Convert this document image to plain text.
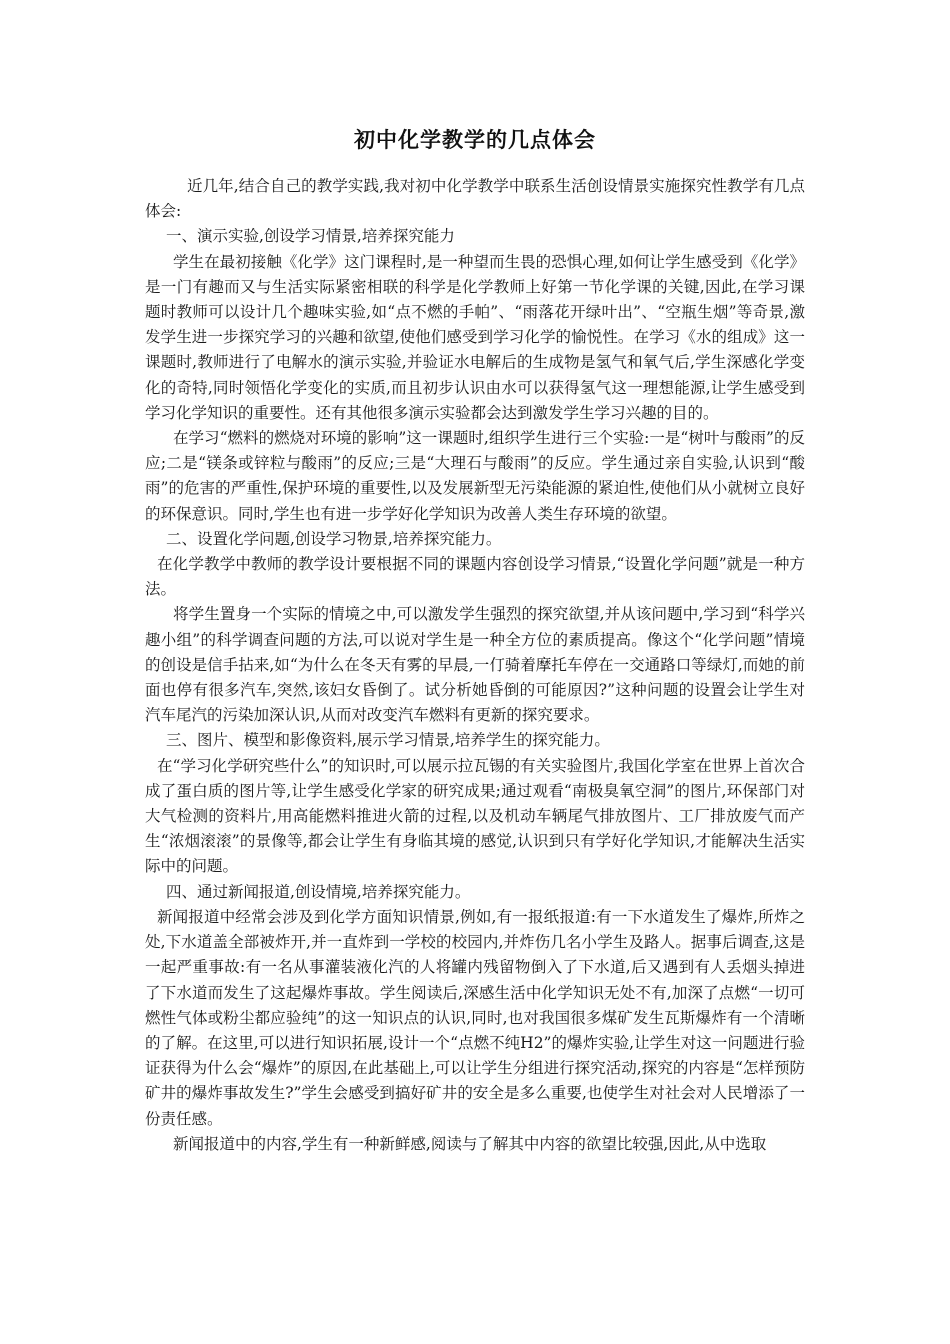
初中化学教学的几点体会

近几年,结合自己的教学实践,我对初中化学教学中联系生活创设情景实施探究性教学有几点体会:

一、演示实验,创设学习情景,培养探究能力

学生在最初接触《化学》这门课程时,是一种望而生畏的恐惧心理,如何让学生感受到《化学》是一门有趣而又与生活实际紧密相联的科学是化学教师上好第一节化学课的关键,因此,在学习课题时教师可以设计几个趣味实验,如“点不燃的手帕”、“雨落花开绿叶出”、“空瓶生烟”等奇景,激发学生进一步探究学习的兴趣和欲望,使他们感受到学习化学的愉悦性。在学习《水的组成》这一课题时,教师进行了电解水的演示实验,并验证水电解后的生成物是氢气和氧气后,学生深感化学变化的奇特,同时领悟化学变化的实质,而且初步认识由水可以获得氢气这一理想能源,让学生感受到学习化学知识的重要性。还有其他很多演示实验都会达到激发学生学习兴趣的目的。

在学习“燃料的燃烧对环境的影响”这一课题时,组织学生进行三个实验:一是“树叶与酸雨”的反应;二是“镁条或锌粒与酸雨”的反应;三是“大理石与酸雨”的反应。学生通过亲自实验,认识到“酸雨”的危害的严重性,保护环境的重要性,以及发展新型无污染能源的紧迫性,使他们从小就树立良好的环保意识。同时,学生也有进一步学好化学知识为改善人类生存环境的欲望。

二、设置化学问题,创设学习物景,培养探究能力。

在化学教学中教师的教学设计要根据不同的课题内容创设学习情景,“设置化学问题”就是一种方法。

将学生置身一个实际的情境之中,可以激发学生强烈的探究欲望,并从该问题中,学习到“科学兴趣小组”的科学调查问题的方法,可以说对学生是一种全方位的素质提高。像这个“化学问题”情境的创设是信手拈来,如“为什么在冬天有雾的早晨,一仃骑着摩托车停在一交通路口等绿灯,而她的前面也停有很多汽车,突然,该妇女昏倒了。试分析她昏倒的可能原因?”这种问题的设置会让学生对汽车尾汽的污染加深认识,从而对改变汽车燃料有更新的探究要求。

三、图片、模型和影像资料,展示学习情景,培养学生的探究能力。

在“学习化学研究些什么”的知识时,可以展示拉瓦锡的有关实验图片,我国化学室在世界上首次合成了蛋白质的图片等,让学生感受化学家的研究成果;通过观看“南极臭氧空洞”的图片,环保部门对大气检测的资料片,用高能燃料推进火箭的过程,以及机动车辆尾气排放图片、工厂排放废气而产生“浓烟滚滚”的景像等,都会让学生有身临其境的感觉,认识到只有学好化学知识,才能解决生活实际中的问题。

四、通过新闻报道,创设情境,培养探究能力。

新闻报道中经常会涉及到化学方面知识情景,例如,有一报纸报道:有一下水道发生了爆炸,所炸之处,下水道盖全部被炸开,并一直炸到一学校的校园内,并炸伤几名小学生及路人。据事后调查,这是一起严重事故:有一名从事灌装液化汽的人将罐内残留物倒入了下水道,后又遇到有人丢烟头掉进了下水道而发生了这起爆炸事故。学生阅读后,深感生活中化学知识无处不有,加深了点燃“一切可燃性气体或粉尘都应验纯”的这一知识点的认识,同时,也对我国很多煤矿发生瓦斯爆炸有一个清晰的了解。在这里,可以进行知识拓展,设计一个“点燃不纯H2”的爆炸实验,让学生对这一问题进行验证获得为什么会“爆炸”的原因,在此基础上,可以让学生分组进行探究活动,探究的内容是“怎样预防矿井的爆炸事故发生?”学生会感受到搞好矿井的安全是多么重要,也使学生对社会对人民增添了一份责任感。

新闻报道中的内容,学生有一种新鲜感,阅读与了解其中内容的欲望比较强,因此,从中选取
